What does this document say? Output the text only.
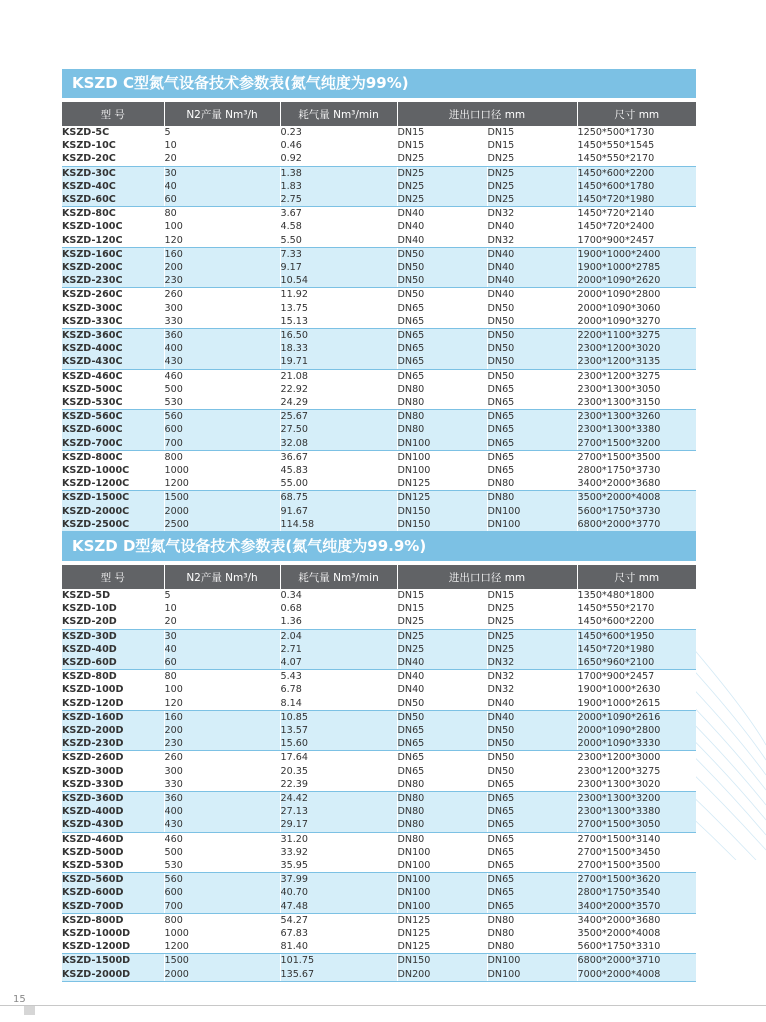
KSZD C型氮气设备技术参数表(氮气纯度为99%)
型 号	N2产量 Nm³/h	耗气量 Nm³/min	进出口口径 mm		尺寸 mm
KSZD-5C	5	0.23	DN15	DN15	1250*500*1730
KSZD-10C	10	0.46	DN15	DN15	1450*550*1545
KSZD-20C	20	0.92	DN25	DN25	1450*550*2170
KSZD-30C	30	1.38	DN25	DN25	1450*600*2200
KSZD-40C	40	1.83	DN25	DN25	1450*600*1780
KSZD-60C	60	2.75	DN25	DN25	1450*720*1980
KSZD-80C	80	3.67	DN40	DN32	1450*720*2140
KSZD-100C	100	4.58	DN40	DN40	1450*720*2400
KSZD-120C	120	5.50	DN40	DN32	1700*900*2457
KSZD-160C	160	7.33	DN50	DN40	1900*1000*2400
KSZD-200C	200	9.17	DN50	DN40	1900*1000*2785
KSZD-230C	230	10.54	DN50	DN40	2000*1090*2620
KSZD-260C	260	11.92	DN50	DN40	2000*1090*2800
KSZD-300C	300	13.75	DN65	DN50	2000*1090*3060
KSZD-330C	330	15.13	DN65	DN50	2000*1090*3270
KSZD-360C	360	16.50	DN65	DN50	2200*1100*3275
KSZD-400C	400	18.33	DN65	DN50	2300*1200*3020
KSZD-430C	430	19.71	DN65	DN50	2300*1200*3135
KSZD-460C	460	21.08	DN65	DN50	2300*1200*3275
KSZD-500C	500	22.92	DN80	DN65	2300*1300*3050
KSZD-530C	530	24.29	DN80	DN65	2300*1300*3150
KSZD-560C	560	25.67	DN80	DN65	2300*1300*3260
KSZD-600C	600	27.50	DN80	DN65	2300*1300*3380
KSZD-700C	700	32.08	DN100	DN65	2700*1500*3200
KSZD-800C	800	36.67	DN100	DN65	2700*1500*3500
KSZD-1000C	1000	45.83	DN100	DN65	2800*1750*3730
KSZD-1200C	1200	55.00	DN125	DN80	3400*2000*3680
KSZD-1500C	1500	68.75	DN125	DN80	3500*2000*4008
KSZD-2000C	2000	91.67	DN150	DN100	5600*1750*3730
KSZD-2500C	2500	114.58	DN150	DN100	6800*2000*3770
KSZD D型氮气设备技术参数表(氮气纯度为99.9%)
型 号	N2产量 Nm³/h	耗气量 Nm³/min	进出口口径 mm		尺寸 mm
KSZD-5D	5	0.34	DN15	DN15	1350*480*1800
KSZD-10D	10	0.68	DN15	DN25	1450*550*2170
KSZD-20D	20	1.36	DN25	DN25	1450*600*2200
KSZD-30D	30	2.04	DN25	DN25	1450*600*1950
KSZD-40D	40	2.71	DN25	DN25	1450*720*1980
KSZD-60D	60	4.07	DN40	DN32	1650*960*2100
KSZD-80D	80	5.43	DN40	DN32	1700*900*2457
KSZD-100D	100	6.78	DN40	DN32	1900*1000*2630
KSZD-120D	120	8.14	DN50	DN40	1900*1000*2615
KSZD-160D	160	10.85	DN50	DN40	2000*1090*2616
KSZD-200D	200	13.57	DN65	DN50	2000*1090*2800
KSZD-230D	230	15.60	DN65	DN50	2000*1090*3330
KSZD-260D	260	17.64	DN65	DN50	2300*1200*3000
KSZD-300D	300	20.35	DN65	DN50	2300*1200*3275
KSZD-330D	330	22.39	DN80	DN65	2300*1300*3020
KSZD-360D	360	24.42	DN80	DN65	2300*1300*3200
KSZD-400D	400	27.13	DN80	DN65	2300*1300*3380
KSZD-430D	430	29.17	DN80	DN65	2700*1500*3050
KSZD-460D	460	31.20	DN80	DN65	2700*1500*3140
KSZD-500D	500	33.92	DN100	DN65	2700*1500*3450
KSZD-530D	530	35.95	DN100	DN65	2700*1500*3500
KSZD-560D	560	37.99	DN100	DN65	2700*1500*3620
KSZD-600D	600	40.70	DN100	DN65	2800*1750*3540
KSZD-700D	700	47.48	DN100	DN65	3400*2000*3570
KSZD-800D	800	54.27	DN125	DN80	3400*2000*3680
KSZD-1000D	1000	67.83	DN125	DN80	3500*2000*4008
KSZD-1200D	1200	81.40	DN125	DN80	5600*1750*3310
KSZD-1500D	1500	101.75	DN150	DN100	6800*2000*3710
KSZD-2000D	2000	135.67	DN200	DN100	7000*2000*4008
15
